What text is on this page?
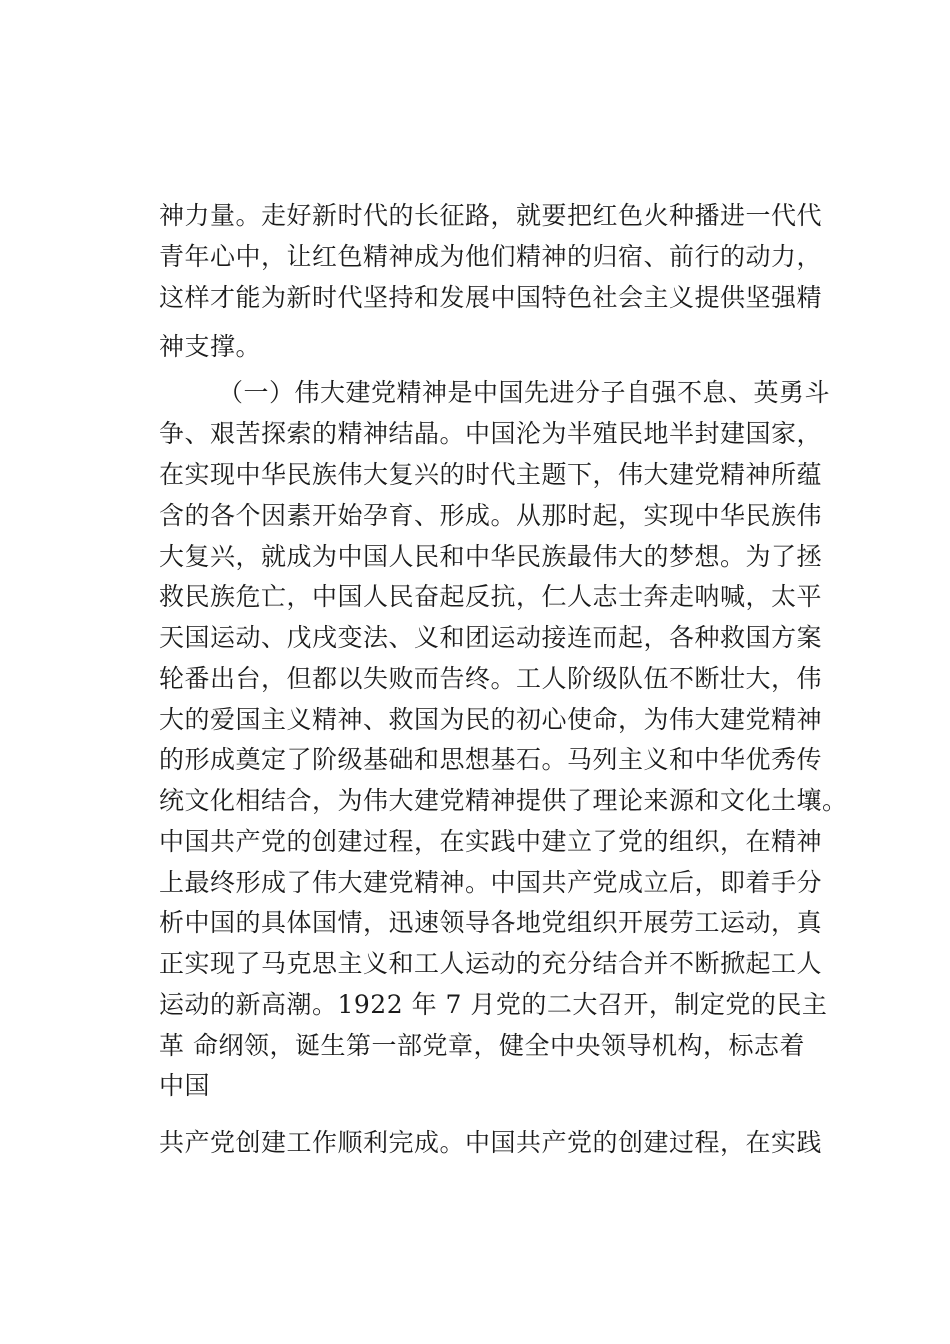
神力量。走好新时代的长征路，就要把红色火种播进一代代
青年心中，让红色精神成为他们精神的归宿、前行的动力，
这样才能为新时代坚持和发展中国特色社会主义提供坚强精
神支撑。
（一）伟大建党精神是中国先进分子自强不息、英勇斗
争、艰苦探索的精神结晶。中国沦为半殖民地半封建国家，
在实现中华民族伟大复兴的时代主题下，伟大建党精神所蕴
含的各个因素开始孕育、形成。从那时起，实现中华民族伟
大复兴，就成为中国人民和中华民族最伟大的梦想。为了拯
救民族危亡，中国人民奋起反抗，仁人志士奔走呐喊，太平
天国运动、戊戌变法、义和团运动接连而起，各种救国方案
轮番出台，但都以失败而告终。工人阶级队伍不断壮大，伟
大的爱国主义精神、救国为民的初心使命，为伟大建党精神
的形成奠定了阶级基础和思想基石。马列主义和中华优秀传
统文化相结合，为伟大建党精神提供了理论来源和文化土壤。
中国共产党的创建过程，在实践中建立了党的组织，在精神
上最终形成了伟大建党精神。中国共产党成立后，即着手分
析中国的具体国情，迅速领导各地党组织开展劳工运动，真
正实现了马克思主义和工人运动的充分结合并不断掀起工人
运动的新高潮。1922 年 7 月党的二大召开，制定党的民主
革 命纲领，诞生第一部党章，健全中央领导机构，标志着
中国
共产党创建工作顺利完成。中国共产党的创建过程，在实践
